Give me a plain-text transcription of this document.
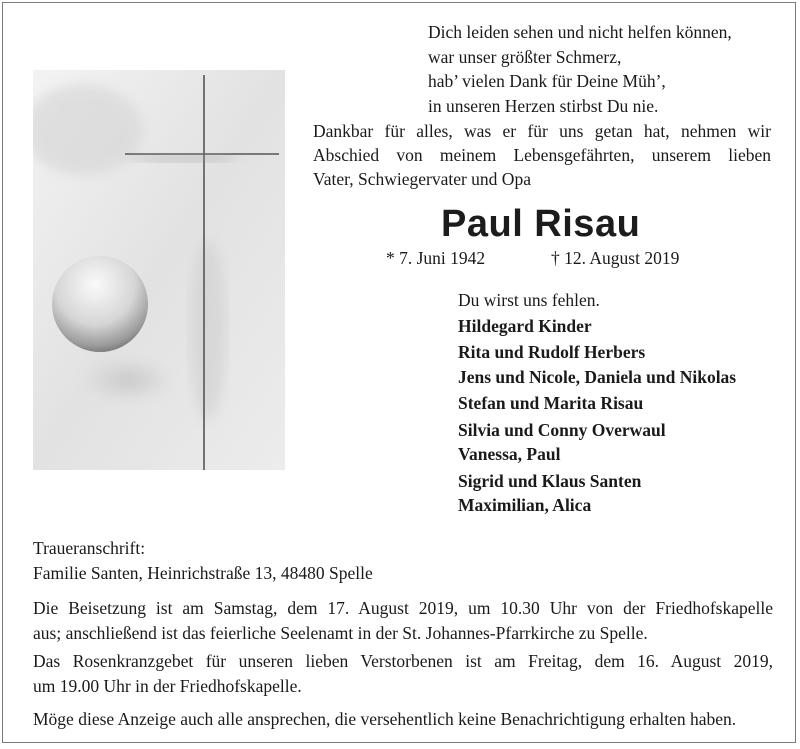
Dich leiden sehen und nicht helfen können,
war unser größter Schmerz,
hab’ vielen Dank für Deine Müh’,
in unseren Herzen stirbst Du nie.
Dankbar für alles, was er für uns getan hat, nehmen wir
Abschied von meinem Lebensgefährten, unserem lieben
Vater, Schwiegervater und Opa
Paul Risau
* 7. Juni 1942	† 12. August 2019
Du wirst uns fehlen.
Hildegard Kinder
Rita und Rudolf Herbers
Jens und Nicole, Daniela und Nikolas
Stefan und Marita Risau
Silvia und Conny Overwaul
Vanessa, Paul
Sigrid und Klaus Santen
Maximilian, Alica
Traueranschrift:
Familie Santen, Heinrichstraße 13, 48480 Spelle
Die Beisetzung ist am Samstag, dem 17. August 2019, um 10.30 Uhr von der Friedhofskapelle
aus; anschließend ist das feierliche Seelenamt in der St. Johannes-Pfarrkirche zu Spelle.
Das Rosenkranzgebet für unseren lieben Verstorbenen ist am Freitag, dem 16. August 2019,
um 19.00 Uhr in der Friedhofskapelle.
Möge diese Anzeige auch alle ansprechen, die versehentlich keine Benachrichtigung erhalten haben.
